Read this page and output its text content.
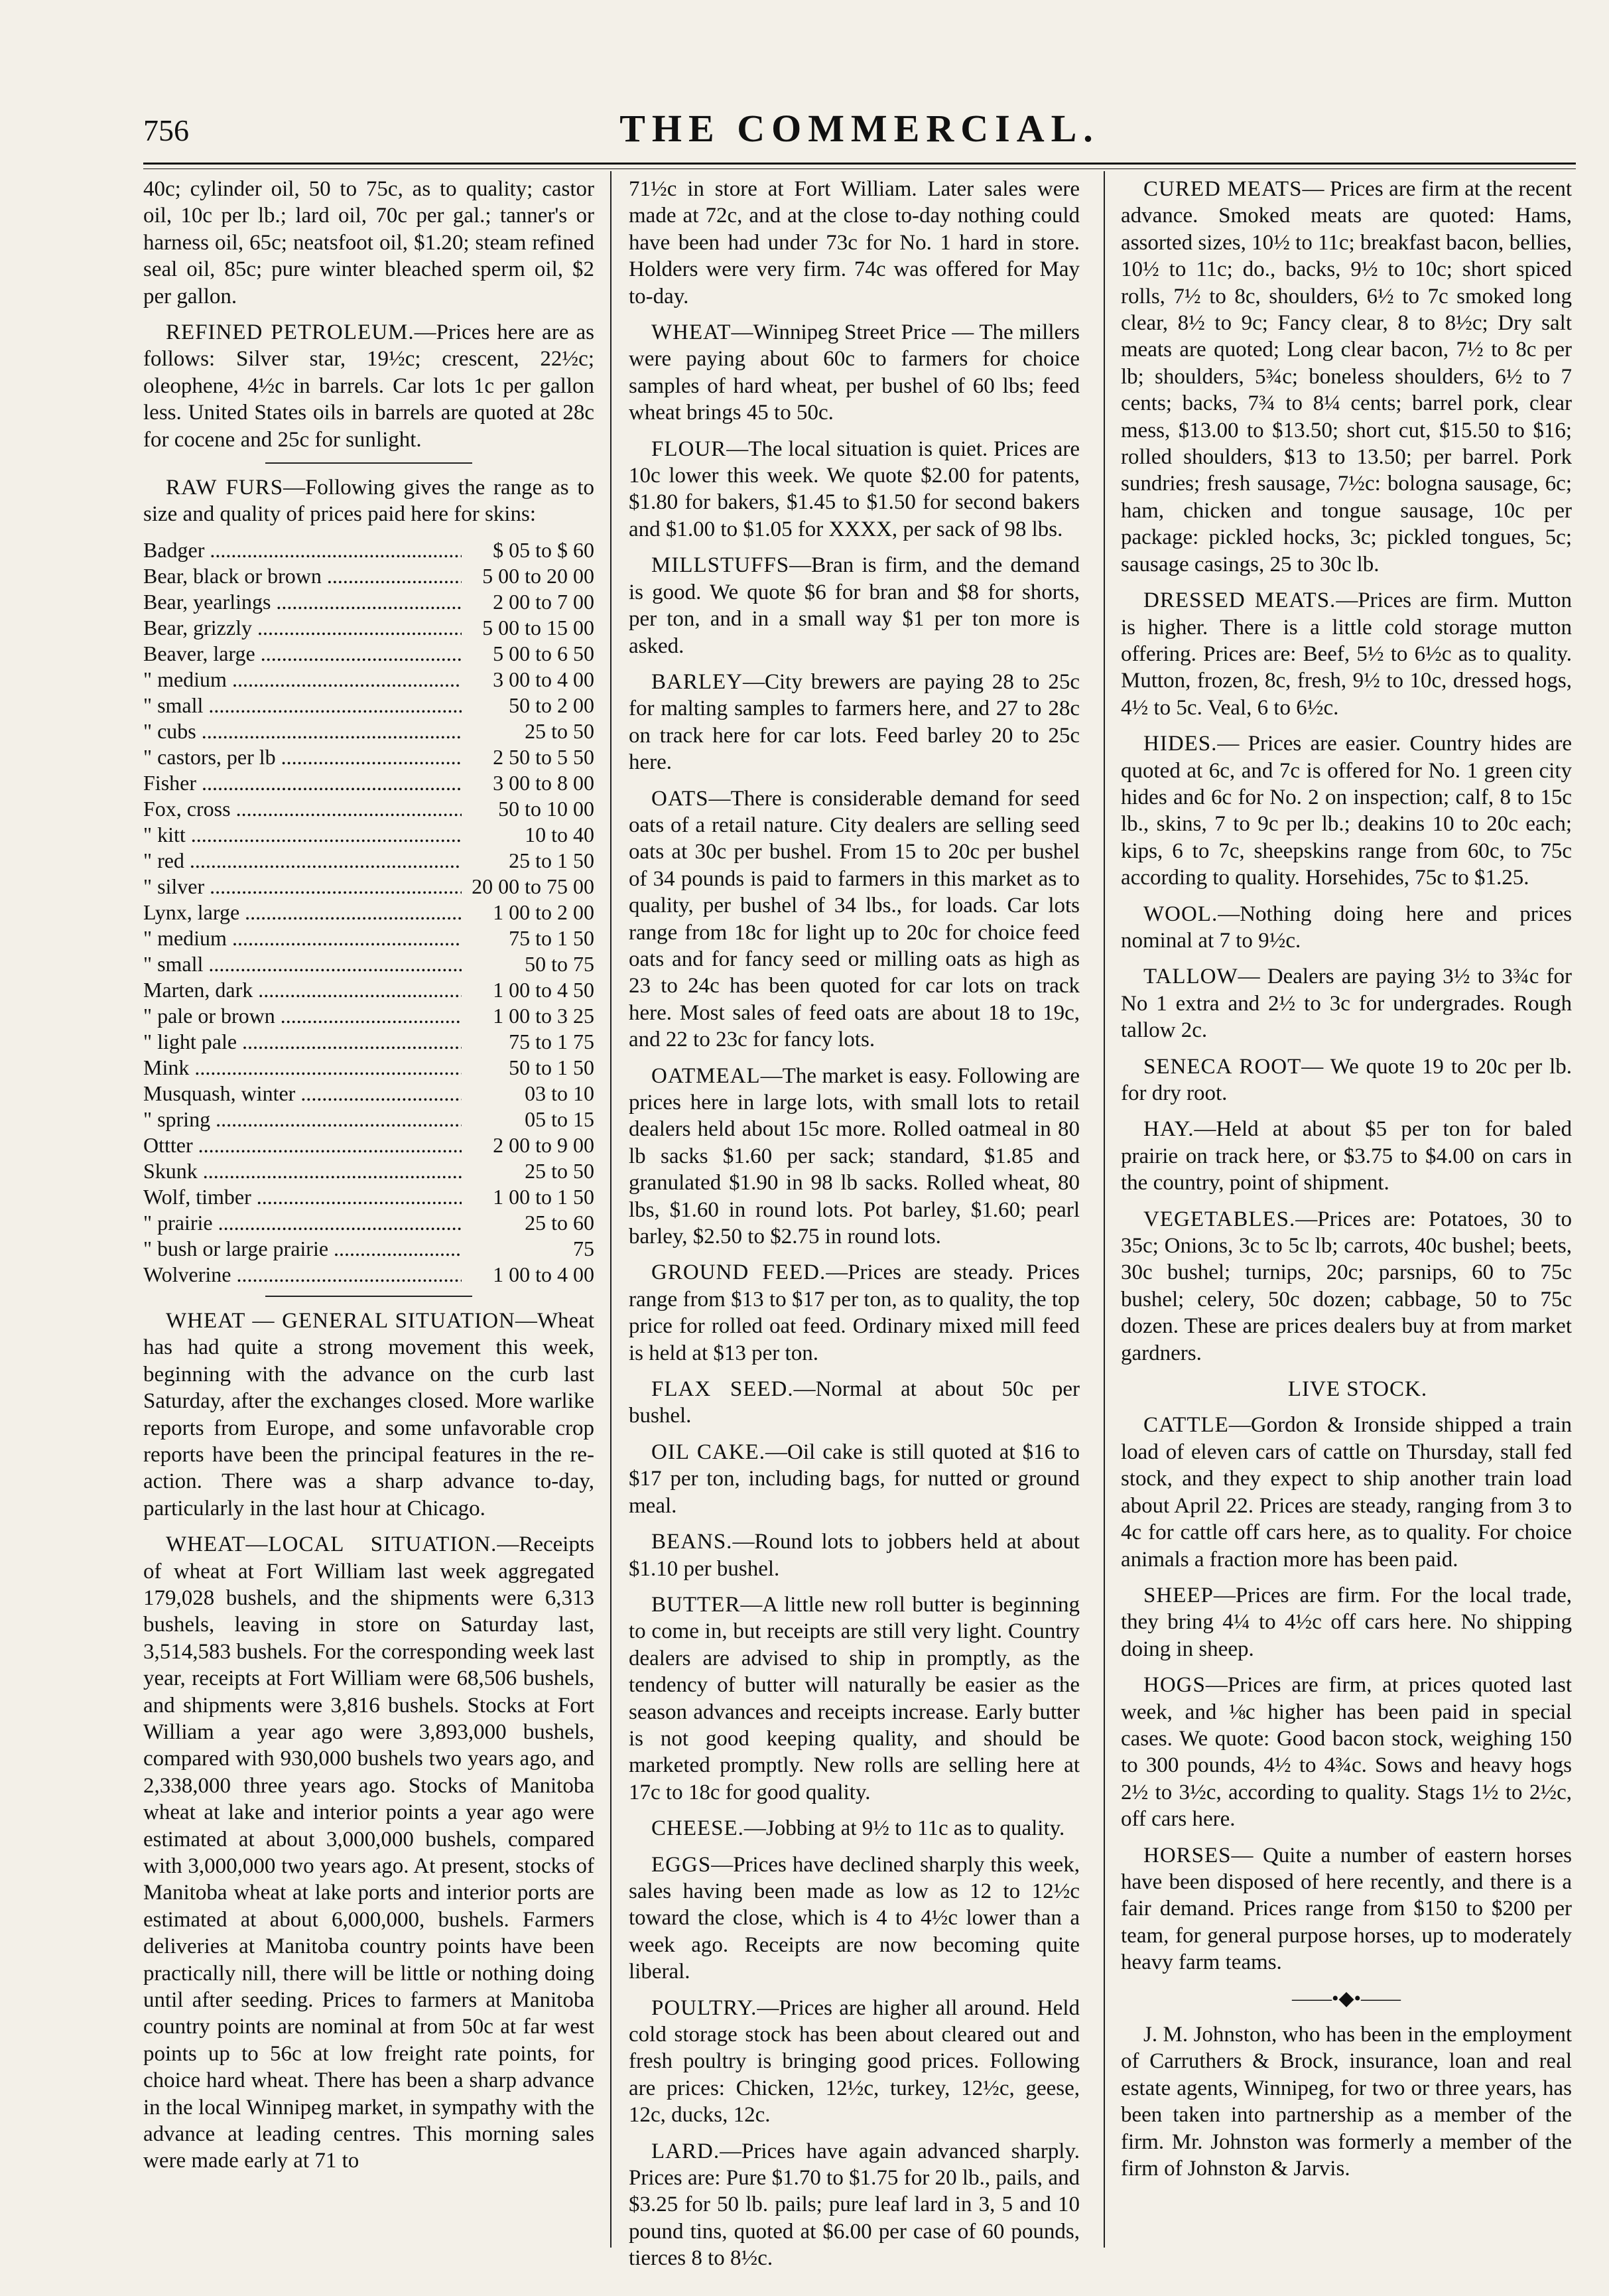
756	THE COMMERCIAL.

40c; cylinder oil, 50 to 75c, as to quality; castor oil, 10c per lb.; lard oil, 70c per gal.; tanner's or harness oil, 65c; neatsfoot oil, $1.20; steam refined seal oil, 85c; pure winter bleached sperm oil, $2 per gallon.

REFINED PETROLEUM.—Prices here are as follows: Silver star, 19½c; crescent, 22½c; oleophene, 4½c in barrels. Car lots 1c per gallon less. United States oils in barrels are quoted at 28c for cocene and 25c for sunlight.

RAW FURS—Following gives the range as to size and quality of prices paid here for skins:

Badger .....	$ 05 to $ 60
Bear, black or brown .....	5 00 to 20 00
Bear, yearlings .....	2 00 to 7 00
Bear, grizzly .....	5 00 to 15 00
Beaver, large .....	5 00 to 6 50
" medium .....	3 00 to 4 00
" small .....	50 to 2 00
" cubs .....	25 to 50
" castors, per lb .....	2 50 to 5 50
Fisher .....	3 00 to 8 00
Fox, cross .....	50 to 10 00
" kitt .....	10 to 40
" red .....	25 to 1 50
" silver .....	20 00 to 75 00
Lynx, large .....	1 00 to 2 00
" medium .....	75 to 1 50
" small .....	50 to 75
Marten, dark .....	1 00 to 4 50
" pale or brown .....	1 00 to 3 25
" light pale .....	75 to 1 75
Mink .....	50 to 1 50
Musquash, winter .....	03 to 10
" spring .....	05 to 15
Ottter .....	2 00 to 9 00
Skunk .....	25 to 50
Wolf, timber .....	1 00 to 1 50
" prairie .....	25 to 60
" bush or large prairie .....	75
Wolverine .....	1 00 to 4 00

WHEAT — GENERAL SITUATION—Wheat has had quite a strong movement this week, beginning with the advance on the curb last Saturday, after the exchanges closed. More warlike reports from Europe, and some unfavorable crop reports have been the principal features in the re-action. There was a sharp advance to-day, particularly in the last hour at Chicago.

WHEAT—LOCAL SITUATION.—Receipts of wheat at Fort William last week aggregated 179,028 bushels, and the shipments were 6,313 bushels, leaving in store on Saturday last, 3,514,583 bushels. For the corresponding week last year, receipts at Fort William were 68,506 bushels, and shipments were 3,816 bushels. Stocks at Fort William a year ago were 3,893,000 bushels, compared with 930,000 bushels two years ago, and 2,338,000 three years ago. Stocks of Manitoba wheat at lake and interior points a year ago were estimated at about 3,000,000 bushels, compared with 3,000,000 two years ago. At present, stocks of Manitoba wheat at lake ports and interior ports are estimated at about 6,000,000, bushels. Farmers deliveries at Manitoba country points have been practically nill, there will be little or nothing doing until after seeding. Prices to farmers at Manitoba country points are nominal at from 50c at far west points up to 56c at low freight rate points, for choice hard wheat. There has been a sharp advance in the local Winnipeg market, in sympathy with the advance at leading centres. This morning sales were made early at 71 to

71½c in store at Fort William. Later sales were made at 72c, and at the close to-day nothing could have been had under 73c for No. 1 hard in store. Holders were very firm. 74c was offered for May to-day.

WHEAT—Winnipeg Street Price — The millers were paying about 60c to farmers for choice samples of hard wheat, per bushel of 60 lbs; feed wheat brings 45 to 50c.

FLOUR—The local situation is quiet. Prices are 10c lower this week. We quote $2.00 for patents, $1.80 for bakers, $1.45 to $1.50 for second bakers and $1.00 to $1.05 for XXXX, per sack of 98 lbs.

MILLSTUFFS—Bran is firm, and the demand is good. We quote $6 for bran and $8 for shorts, per ton, and in a small way $1 per ton more is asked.

BARLEY—City brewers are paying 28 to 25c for malting samples to farmers here, and 27 to 28c on track here for car lots. Feed barley 20 to 25c here.

OATS—There is considerable demand for seed oats of a retail nature. City dealers are selling seed oats at 30c per bushel. From 15 to 20c per bushel of 34 pounds is paid to farmers in this market as to quality, per bushel of 34 lbs., for loads. Car lots range from 18c for light up to 20c for choice feed oats and for fancy seed or milling oats as high as 23 to 24c has been quoted for car lots on track here. Most sales of feed oats are about 18 to 19c, and 22 to 23c for fancy lots.

OATMEAL—The market is easy. Following are prices here in large lots, with small lots to retail dealers held about 15c more. Rolled oatmeal in 80 lb sacks $1.60 per sack; standard, $1.85 and granulated $1.90 in 98 lb sacks. Rolled wheat, 80 lbs, $1.60 in round lots. Pot barley, $1.60; pearl barley, $2.50 to $2.75 in round lots.

GROUND FEED.—Prices are steady. Prices range from $13 to $17 per ton, as to quality, the top price for rolled oat feed. Ordinary mixed mill feed is held at $13 per ton.

FLAX SEED.—Normal at about 50c per bushel.

OIL CAKE.—Oil cake is still quoted at $16 to $17 per ton, including bags, for nutted or ground meal.

BEANS.—Round lots to jobbers held at about $1.10 per bushel.

BUTTER—A little new roll butter is beginning to come in, but receipts are still very light. Country dealers are advised to ship in promptly, as the tendency of butter will naturally be easier as the season advances and receipts increase. Early butter is not good keeping quality, and should be marketed promptly. New rolls are selling here at 17c to 18c for good quality.

CHEESE.—Jobbing at 9½ to 11c as to quality.

EGGS—Prices have declined sharply this week, sales having been made as low as 12 to 12½c toward the close, which is 4 to 4½c lower than a week ago. Receipts are now becoming quite liberal.

POULTRY.—Prices are higher all around. Held cold storage stock has been about cleared out and fresh poultry is bringing good prices. Following are prices: Chicken, 12½c, turkey, 12½c, geese, 12c, ducks, 12c.

LARD.—Prices have again advanced sharply. Prices are: Pure $1.70 to $1.75 for 20 lb., pails, and $3.25 for 50 lb. pails; pure leaf lard in 3, 5 and 10 pound tins, quoted at $6.00 per case of 60 pounds, tierces 8 to 8½c.

CURED MEATS— Prices are firm at the recent advance. Smoked meats are quoted: Hams, assorted sizes, 10½ to 11c; breakfast bacon, bellies, 10½ to 11c; do., backs, 9½ to 10c; short spiced rolls, 7½ to 8c, shoulders, 6½ to 7c smoked long clear, 8½ to 9c; Fancy clear, 8 to 8½c; Dry salt meats are quoted; Long clear bacon, 7½ to 8c per lb; shoulders, 5¾c; boneless shoulders, 6½ to 7 cents; backs, 7¾ to 8¼ cents; barrel pork, clear mess, $13.00 to $13.50; short cut, $15.50 to $16; rolled shoulders, $13 to 13.50; per barrel. Pork sundries; fresh sausage, 7½c: bologna sausage, 6c; ham, chicken and tongue sausage, 10c per package: pickled hocks, 3c; pickled tongues, 5c; sausage casings, 25 to 30c lb.

DRESSED MEATS.—Prices are firm. Mutton is higher. There is a little cold storage mutton offering. Prices are: Beef, 5½ to 6½c as to quality. Mutton, frozen, 8c, fresh, 9½ to 10c, dressed hogs, 4½ to 5c. Veal, 6 to 6½c.

HIDES.— Prices are easier. Country hides are quoted at 6c, and 7c is offered for No. 1 green city hides and 6c for No. 2 on inspection; calf, 8 to 15c lb., skins, 7 to 9c per lb.; deakins 10 to 20c each; kips, 6 to 7c, sheepskins range from 60c, to 75c according to quality. Horsehides, 75c to $1.25.

WOOL.—Nothing doing here and prices nominal at 7 to 9½c.

TALLOW— Dealers are paying 3½ to 3¾c for No 1 extra and 2½ to 3c for undergrades. Rough tallow 2c.

SENECA ROOT— We quote 19 to 20c per lb. for dry root.

HAY.—Held at about $5 per ton for baled prairie on track here, or $3.75 to $4.00 on cars in the country, point of shipment.

VEGETABLES.—Prices are: Potatoes, 30 to 35c; Onions, 3c to 5c lb; carrots, 40c bushel; beets, 30c bushel; turnips, 20c; parsnips, 60 to 75c bushel; celery, 50c dozen; cabbage, 50 to 75c dozen. These are prices dealers buy at from market gardners.

LIVE STOCK.

CATTLE—Gordon & Ironside shipped a train load of eleven cars of cattle on Thursday, stall fed stock, and they expect to ship another train load about April 22. Prices are steady, ranging from 3 to 4c for cattle off cars here, as to quality. For choice animals a fraction more has been paid.

SHEEP—Prices are firm. For the local trade, they bring 4¼ to 4½c off cars here. No shipping doing in sheep.

HOGS—Prices are firm, at prices quoted last week, and ⅛c higher has been paid in special cases. We quote: Good bacon stock, weighing 150 to 300 pounds, 4½ to 4¾c. Sows and heavy hogs 2½ to 3½c, according to quality. Stags 1½ to 2½c, off cars here.

HORSES— Quite a number of eastern horses have been disposed of here recently, and there is a fair demand. Prices range from $150 to $200 per team, for general purpose horses, up to moderately heavy farm teams.

——•◆•——

J. M. Johnston, who has been in the employment of Carruthers & Brock, insurance, loan and real estate agents, Winnipeg, for two or three years, has been taken into partnership as a member of the firm. Mr. Johnston was formerly a member of the firm of Johnston & Jarvis.
